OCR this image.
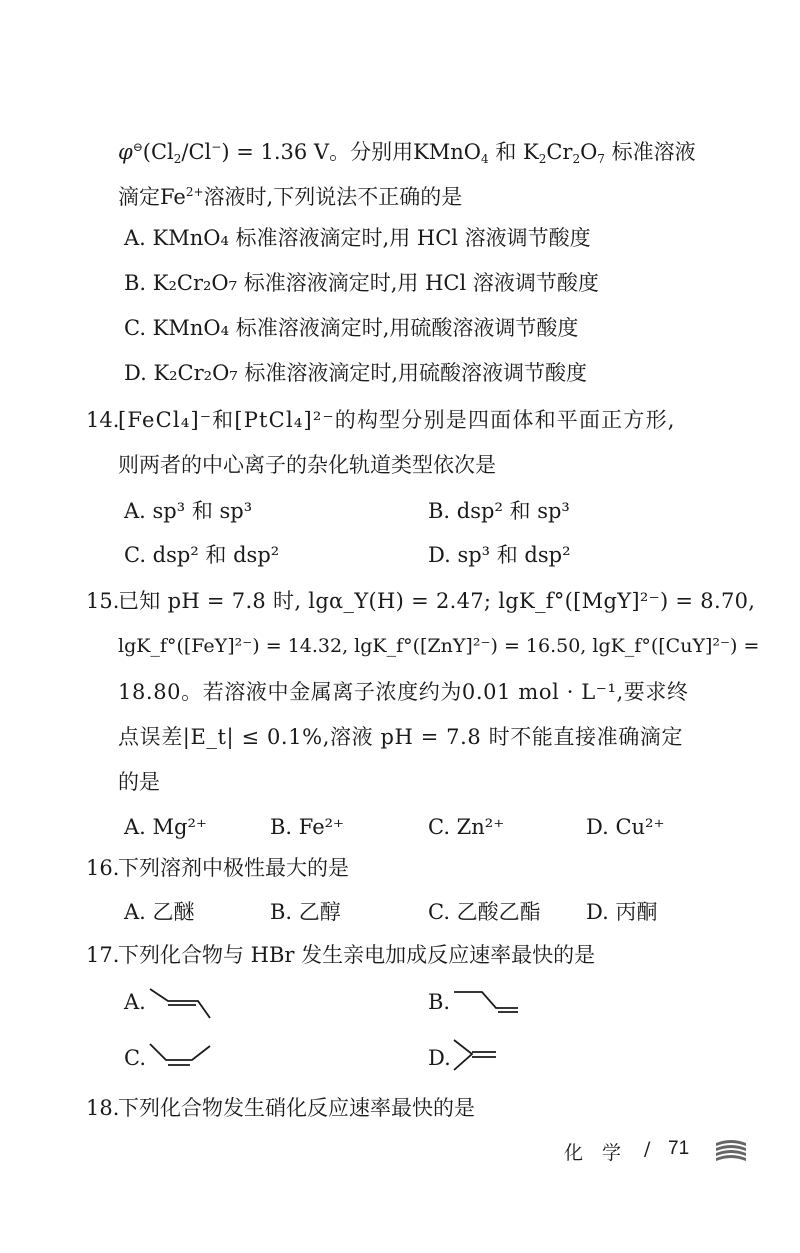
$\varphi^⊖(Cl_2/Cl^-) = 1.36$ V。分别用KMnO$_4$ 和 $K_2Cr_2O_7$ 标准溶液
滴定$Fe^{2+}$溶液时,下列说法不正确的是
A. KMnO₄ 标准溶液滴定时,用 HCl 溶液调节酸度
B. K₂Cr₂O₇ 标准溶液滴定时,用 HCl 溶液调节酸度
C. KMnO₄ 标准溶液滴定时,用硫酸溶液调节酸度
D. K₂Cr₂O₇ 标准溶液滴定时,用硫酸溶液调节酸度
14.
[FeCl₄]⁻和[PtCl₄]²⁻的构型分别是四面体和平面正方形,
则两者的中心离子的杂化轨道类型依次是
A. sp³ 和 sp³	B. dsp² 和 sp³
C. dsp² 和 dsp²	D. sp³ 和 dsp²
15.
已知 pH = 7.8 时, lgα_Y(H) = 2.47; lgK_f°([MgY]²⁻) = 8.70,
lgK_f°([FeY]²⁻) = 14.32, lgK_f°([ZnY]²⁻) = 16.50, lgK_f°([CuY]²⁻) =
18.80。若溶液中金属离子浓度约为0.01 mol · L⁻¹,要求终
点误差|E_t| ≤ 0.1%,溶液 pH = 7.8 时不能直接准确滴定
的是
A. Mg²⁺	B. Fe²⁺	C. Zn²⁺	D. Cu²⁺
16.
下列溶剂中极性最大的是
A. 乙醚	B. 乙醇	C. 乙酸乙酯 D. 丙酮
17.
下列化合物与 HBr 发生亲电加成反应速率最快的是
A.	B.
C.	D.
18.
下列化合物发生硝化反应速率最快的是
化　学 / 71
